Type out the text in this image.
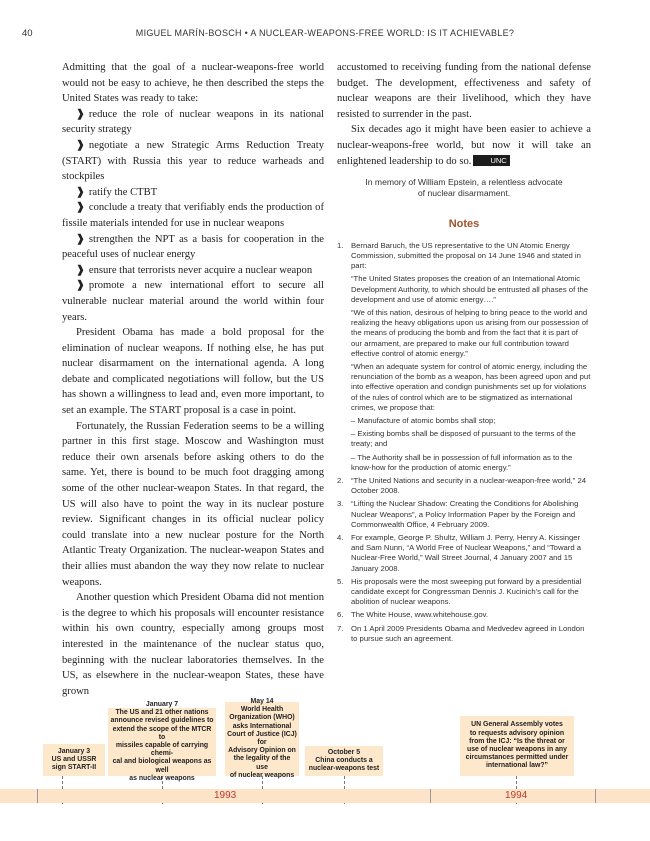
40	MIGUEL MARÍN-BOSCH • A NUCLEAR-WEAPONS-FREE WORLD: IS IT ACHIEVABLE?

Admitting that the goal of a nuclear-weapons-free world would not be easy to achieve, he then described the steps the United States was ready to take:

❱ reduce the role of nuclear weapons in its national security strategy

❱ negotiate a new Strategic Arms Reduction Treaty (START) with Russia this year to reduce warheads and stockpiles

❱ ratify the CTBT

❱ conclude a treaty that verifiably ends the production of fissile materials intended for use in nuclear weapons

❱ strengthen the NPT as a basis for cooperation in the peaceful uses of nuclear energy

❱ ensure that terrorists never acquire a nuclear weapon

❱ promote a new international effort to secure all vulnerable nuclear material around the world within four years.

President Obama has made a bold proposal for the elimination of nuclear weapons. If nothing else, he has put nuclear disarmament on the international agenda. A long debate and complicated negotiations will follow, but the US has shown a willingness to lead and, even more important, to set an example. The START proposal is a case in point.

Fortunately, the Russian Federation seems to be a willing partner in this first stage. Moscow and Washington must reduce their own arsenals before asking others to do the same. Yet, there is bound to be much foot dragging among some of the other nuclear-weapon States. In that regard, the US will also have to point the way in its nuclear posture review. Significant changes in its official nuclear policy could translate into a new nuclear posture for the North Atlantic Treaty Organization. The nuclear-weapon States and their allies must abandon the way they now relate to nuclear weapons.

Another question which President Obama did not mention is the degree to which his proposals will encounter resistance within his own country, especially among groups most interested in the maintenance of the nuclear status quo, beginning with the nuclear laboratories themselves. In the US, as elsewhere in the nuclear-weapon States, these have grown

accustomed to receiving funding from the national defense budget. The development, effectiveness and safety of nuclear weapons are their livelihood, which they have resisted to surrender in the past.

Six decades ago it might have been easier to achieve a nuclear-weapons-free world, but now it will take an enlightened leadership to do so.	UNC

In memory of William Epstein, a relentless advocate
of nuclear disarmament.
Notes
1. Bernard Baruch, the US representative to the UN Atomic Energy Commission, submitted the proposal on 14 June 1946 and stated in part:
“The United States proposes the creation of an International Atomic Development Authority, to which should be entrusted all phases of the development and use of atomic energy….”
“We of this nation, desirous of helping to bring peace to the world and realizing the heavy obligations upon us arising from our possession of the means of producing the bomb and from the fact that it is part of our armament, are prepared to make our full contribution toward effective control of atomic energy.”
“When an adequate system for control of atomic energy, including the renunciation of the bomb as a weapon, has been agreed upon and put into effective operation and condign punishments set up for violations of the rules of control which are to be stigmatized as international crimes, we propose that:
– Manufacture of atomic bombs shall stop;
– Existing bombs shall be disposed of pursuant to the terms of the treaty; and
– The Authority shall be in possession of full information as to the know-how for the production of atomic energy.”
2. “The United Nations and security in a nuclear-weapon-free world,” 24 October 2008.
3. “Lifting the Nuclear Shadow: Creating the Conditions for Abolishing Nuclear Weapons”, a Policy Information Paper by the Foreign and Commonwealth Office, 4 February 2009.
4. For example, George P. Shultz, William J. Perry, Henry A. Kissinger and Sam Nunn, “A World Free of Nuclear Weapons,” and “Toward a Nuclear-Free World,” Wall Street Journal, 4 January 2007 and 15 January 2008.
5. His proposals were the most sweeping put forward by a presidential candidate except for Congressman Dennis J. Kucinich’s call for the abolition of nuclear weapons.
6. The White House, www.whitehouse.gov.
7. On 1 April 2009 Presidents Obama and Medvedev agreed in London to pursue such an agreement.
January 3
US and USSR
sign START-II
January 7
The US and 21 other nations
announce revised guidelines to
extend the scope of the MTCR to
missiles capable of carrying chemi-
cal and biological weapons as well
as nuclear weapons
May 14
World Health
Organization (WHO)
asks International
Court of Justice (ICJ) for
Advisory Opinion on
the legality of the use
of nuclear weapons
October 5
China conducts a
nuclear-weapons test
UN General Assembly votes
to requests advisory opinion
from the ICJ: “Is the threat or
use of nuclear weapons in any
circumstances permitted under
international law?”
1993	1994
